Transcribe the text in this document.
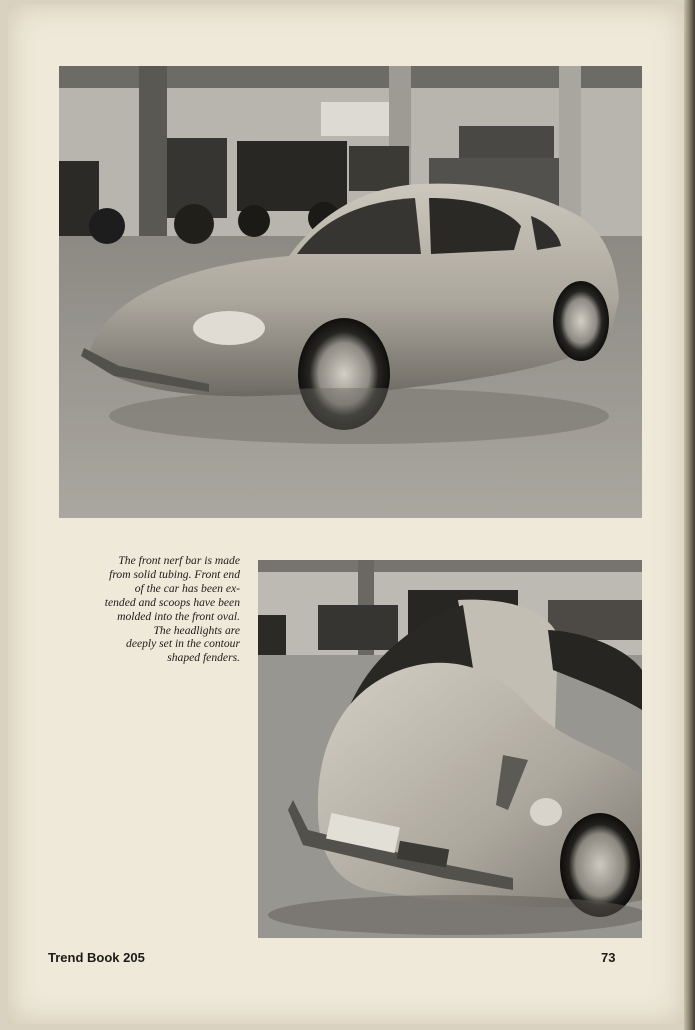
The front nerf bar is made
from solid tubing. Front end
of the car has been ex-
tended and scoops have been
molded into the front oval.
The headlights are
deeply set in the contour
shaped fenders.
Trend Book 205	73
